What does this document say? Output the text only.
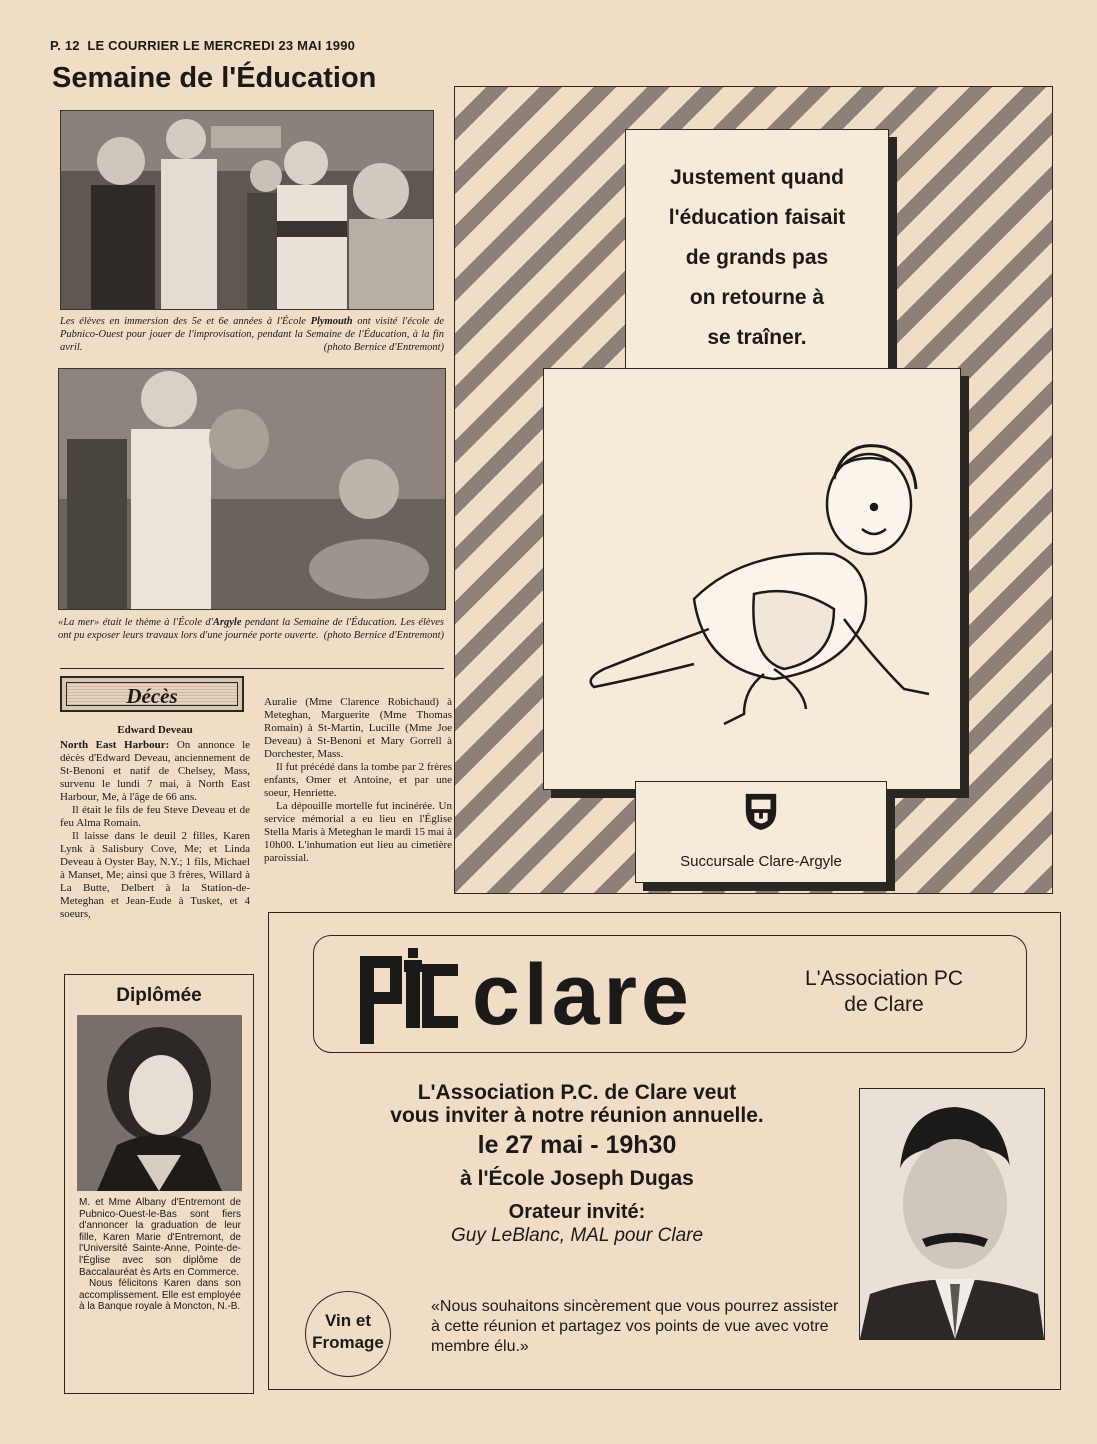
P. 12 LE COURRIER LE MERCREDI 23 MAI 1990
Semaine de l'Éducation
Les élèves en immersion des 5e et 6e années à l'École Plymouth ont visité l'école de Pubnico-Ouest pour jouer de l'improvisation, pendant la Semaine de l'Éducation, à la fin avril.	(photo Bernice d'Entremont)
«La mer» était le thème à l'École d'Argyle pendant la Semaine de l'Éducation. Les élèves ont pu exposer leurs travaux lors d'une journée porte ouverte. (photo Bernice d'Entremont)
Décès

Edward Deveau

North East Harbour: On annonce le décès d'Edward Deveau, anciennement de St-Benoni et natif de Chelsey, Mass, survenu le lundi 7 mai, à North East Harbour, Me, à l'âge de 66 ans.

Il était le fils de feu Steve Deveau et de feu Alma Romain.

Il laisse dans le deuil 2 filles, Karen Lynk à Salisbury Cove, Me; et Linda Deveau à Oyster Bay, N.Y.; 1 fils, Michael à Manset, Me; ainsi que 3 frères, Willard à La Butte, Delbert à la Station-de-Meteghan et Jean-Eude à Tusket, et 4 soeurs,

Auralie (Mme Clarence Robichaud) à Meteghan, Marguerite (Mme Thomas Romain) à St-Martin, Lucille (Mme Joe Deveau) à St-Benoni et Mary Gorrell à Dorchester, Mass.

Il fut précédé dans la tombe par 2 frères enfants, Omer et Antoine, et par une soeur, Henriette.

La dépouille mortelle fut incinérée. Un service mémorial a eu lieu en l'Église Stella Maris à Meteghan le mardi 15 mai à 10h00. L'inhumation eut lieu au cimetière paroissial.

Diplômée

M. et Mme Albany d'Entremont de Pubnico-Ouest-le-Bas sont fiers d'annoncer la graduation de leur fille, Karen Marie d'Entremont, de l'Université Sainte-Anne, Pointe-de-l'Église avec son diplôme de Baccalauréat ès Arts en Commerce.

Nous félicitons Karen dans son accomplissement. Elle est employée à la Banque royale à Moncton, N.-B.

Justement quand
l'éducation faisait
de grands pas
on retourne à
se traîner.
Succursale Clare-Argyle
clare	L'Association PC
de Clare
L'Association P.C. de Clare veut
vous inviter à notre réunion annuelle.
le 27 mai - 19h30
à l'École Joseph Dugas
Orateur invité:
Guy LeBlanc, MAL pour Clare
Vin et
Fromage
«Nous souhaitons sincèrement que vous pourrez assister à cette réunion et partagez vos points de vue avec votre membre élu.»
